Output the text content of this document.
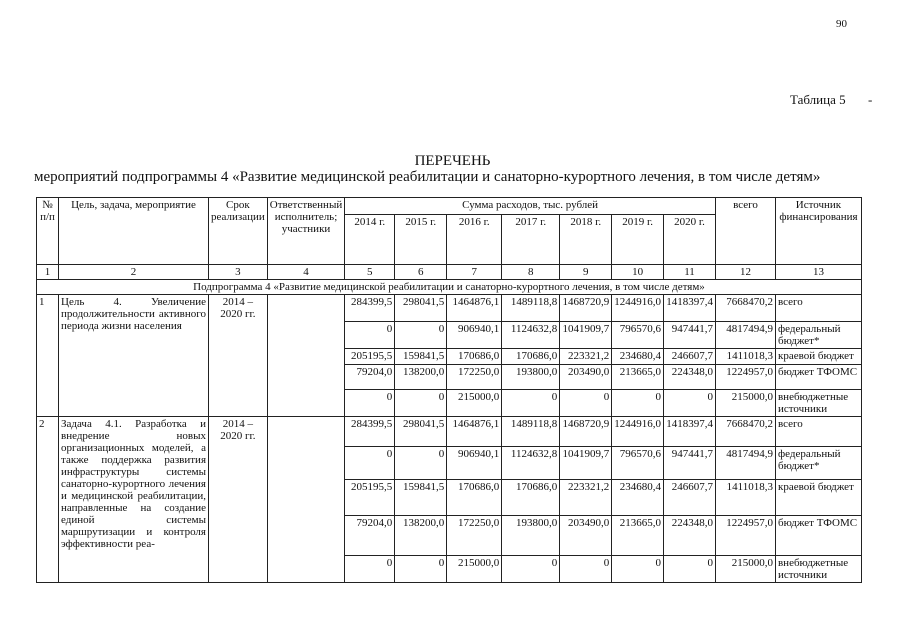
90
Таблица 5 -
ПЕРЕЧЕНЬ
мероприятий подпрограммы 4 «Развитие медицинской реабилитации и санаторно-курортного лечения, в том числе детям»
№ п/п	Цель, задача, мероприятие	Срок реализации	Ответственный исполнитель; участники	Сумма расходов, тыс. рублей							всего	Источник финансирования
				2014 г.	2015 г.	2016 г.	2017 г.	2018 г.	2019 г.	2020 г.		
1	2	3	4	5	6	7	8	9	10	11	12	13
Подпрограмма 4 «Развитие медицинской реабилитации и санаторно-курортного лечения, в том числе детям»												
1	Цель 4. Увеличение продолжительности активного периода жизни населения	2014 – 2020 гг.		284399,5	298041,5	1464876,1	1489118,8	1468720,9	1244916,0	1418397,4	7668470,2	всего
				0	0	906940,1	1124632,8	1041909,7	796570,6	947441,7	4817494,9	федеральный бюджет*
				205195,5	159841,5	170686,0	170686,0	223321,2	234680,4	246607,7	1411018,3	краевой бюджет
				79204,0	138200,0	172250,0	193800,0	203490,0	213665,0	224348,0	1224957,0	бюджет ТФОМС
				0	0	215000,0	0	0	0	0	215000,0	внебюджетные источники
2	Задача 4.1. Разработка и внедрение новых организационных моделей, а также поддержка развития инфраструктуры системы санаторно-курортного лечения и медицинской реабилитации, направленные на создание единой системы маршрутизации и контроля эффективности реа-	2014 – 2020 гг.		284399,5	298041,5	1464876,1	1489118,8	1468720,9	1244916,0	1418397,4	7668470,2	всего
				0	0	906940,1	1124632,8	1041909,7	796570,6	947441,7	4817494,9	федеральный бюджет*
				205195,5	159841,5	170686,0	170686,0	223321,2	234680,4	246607,7	1411018,3	краевой бюджет
				79204,0	138200,0	172250,0	193800,0	203490,0	213665,0	224348,0	1224957,0	бюджет ТФОМС
				0	0	215000,0	0	0	0	0	215000,0	внебюджетные источники
